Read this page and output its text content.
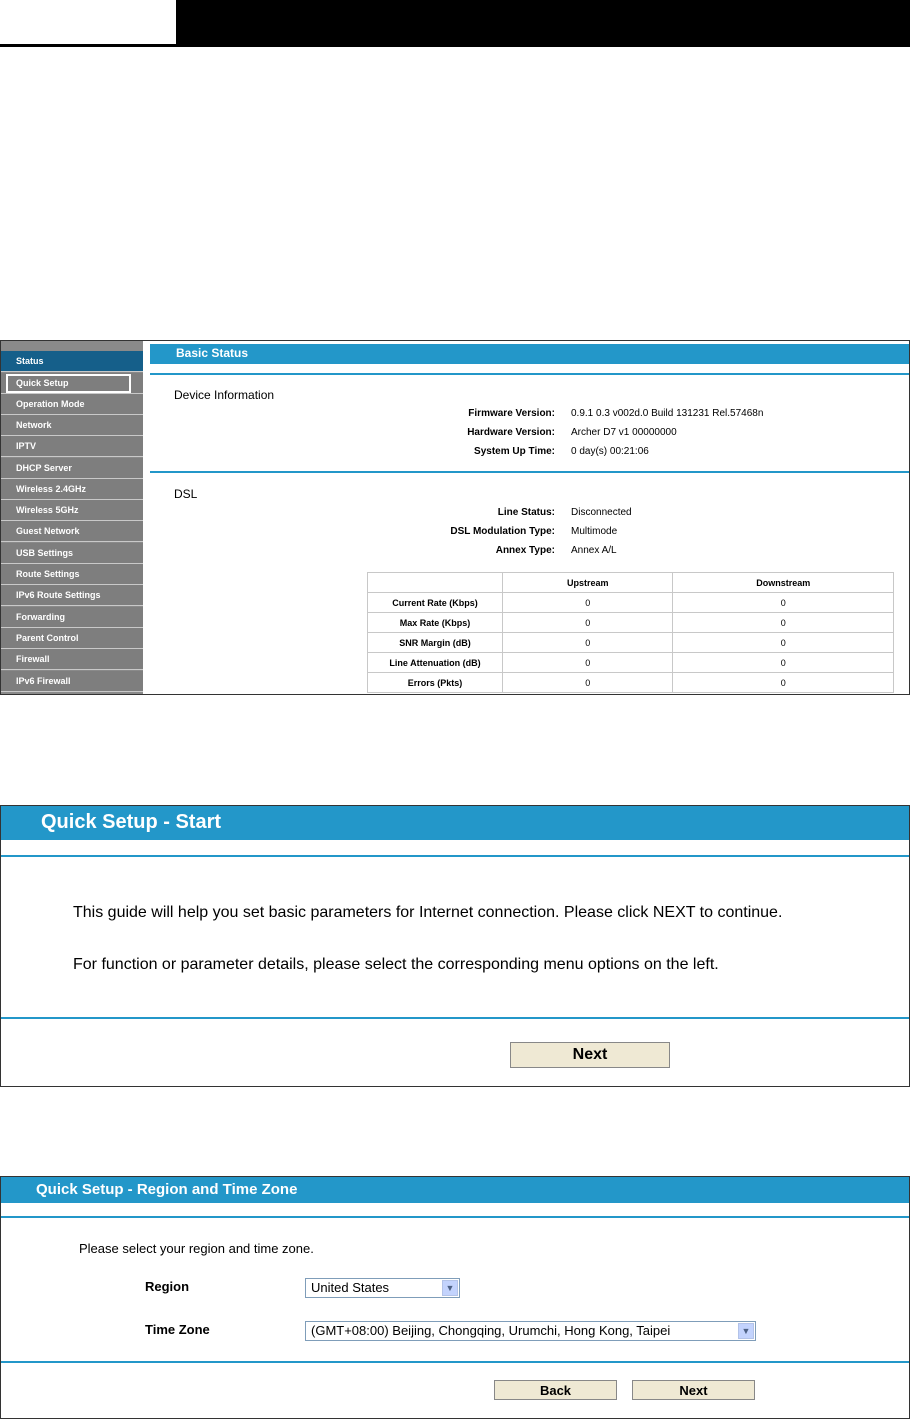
Status
Quick Setup
Operation Mode
Network
IPTV
DHCP Server
Wireless 2.4GHz
Wireless 5GHz
Guest Network
USB Settings
Route Settings
IPv6 Route Settings
Forwarding
Parent Control
Firewall
IPv6 Firewall
Basic Status
Device Information
Firmware Version: 0.9.1 0.3 v002d.0 Build 131231 Rel.57468n
Hardware Version: Archer D7 v1 00000000
System Up Time: 0 day(s) 00:21:06
DSL
Line Status: Disconnected
DSL Modulation Type: Multimode
Annex Type: Annex A/L
	Upstream	Downstream
Current Rate (Kbps)	0	0
Max Rate (Kbps)	0	0
SNR Margin (dB)	0	0
Line Attenuation (dB)	0	0
Errors (Pkts)	0	0
Quick Setup - Start
This guide will help you set basic parameters for Internet connection. Please click NEXT to continue.
For function or parameter details, please select the corresponding menu options on the left.
Next
Quick Setup - Region and Time Zone
Please select your region and time zone.
Region	United States	▼
Time Zone	(GMT+08:00) Beijing, Chongqing, Urumchi, Hong Kong, Taipei	▼
Back	Next
